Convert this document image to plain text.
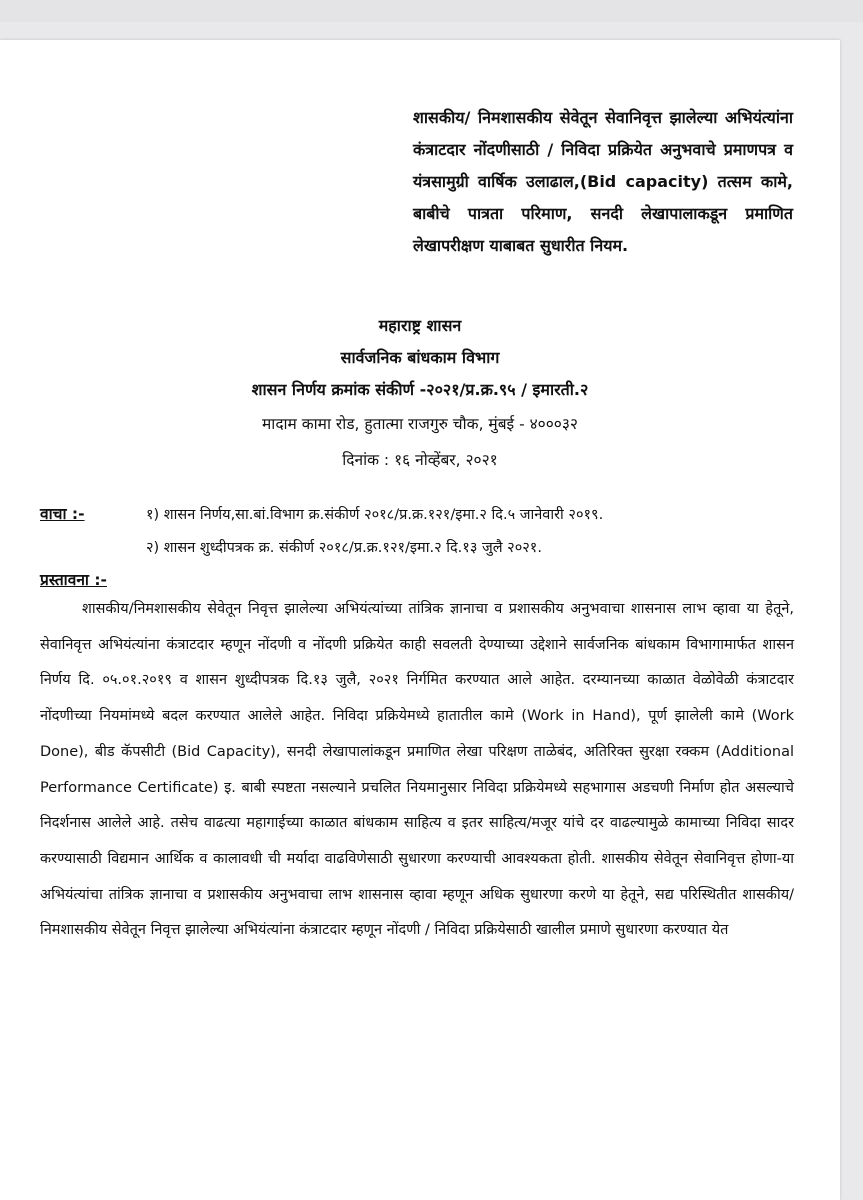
शासकीय/ निमशासकीय सेवेतून सेवानिवृत्त झालेल्या अभियंत्यांना कंत्राटदार नोंदणीसाठी / निविदा प्रक्रियेत अनुभवाचे प्रमाणपत्र व यंत्रसामुग्री वार्षिक उलाढाल,(Bid capacity) तत्सम कामे, बाबीचे पात्रता परिमाण, सनदी लेखापालाकडून प्रमाणित लेखापरीक्षण याबाबत सुधारीत नियम.
महाराष्ट्र शासन
सार्वजनिक बांधकाम विभाग
शासन निर्णय क्रमांक संकीर्ण -२०२१/प्र.क्र.९५ / इमारती.२
मादाम कामा रोड, हुतात्मा राजगुरु चौक, मुंबई - ४०००३२
दिनांक : १६ नोव्हेंबर, २०२१
वाचा :-	१) शासन निर्णय,सा.बां.विभाग क्र.संकीर्ण २०१८/प्र.क्र.१२१/इमा.२ दि.५ जानेवारी २०१९.
२) शासन शुध्दीपत्रक क्र. संकीर्ण २०१८/प्र.क्र.१२१/इमा.२ दि.१३ जुलै २०२१.
प्रस्तावना :-
शासकीय/निमशासकीय सेवेतून निवृत्त झालेल्या अभियंत्यांच्या तांत्रिक ज्ञानाचा व प्रशासकीय अनुभवाचा शासनास लाभ व्हावा या हेतूने, सेवानिवृत्त अभियंत्यांना कंत्राटदार म्हणून नोंदणी व नोंदणी प्रक्रियेत काही सवलती देण्याच्या उद्देशाने सार्वजनिक बांधकाम विभागामार्फत शासन निर्णय दि. ०५.०१.२०१९ व शासन शुध्दीपत्रक दि.१३ जुलै, २०२१ निर्गमित करण्यात आले आहेत. दरम्यानच्या काळात वेळोवेळी कंत्राटदार नोंदणीच्या नियमांमध्ये बदल करण्यात आलेले आहेत. निविदा प्रक्रियेमध्ये हातातील कामे (Work in Hand), पूर्ण झालेली कामे (Work Done), बीड कॅपसीटी (Bid Capacity), सनदी लेखापालांकडून प्रमाणित लेखा परिक्षण ताळेबंद, अतिरिक्त सुरक्षा रक्कम (Additional Performance Certificate) इ. बाबी स्पष्टता नसल्याने प्रचलित नियमानुसार निविदा प्रक्रियेमध्ये सहभागास अडचणी निर्माण होत असल्याचे निदर्शनास आलेले आहे. तसेच वाढत्या महागाईच्या काळात बांधकाम साहित्य व इतर साहित्य/मजूर यांचे दर वाढल्यामुळे कामाच्या निविदा सादर करण्यासाठी विद्यमान आर्थिक व कालावधी ची मर्यादा वाढविणेसाठी सुधारणा करण्याची आवश्यकता होती. शासकीय सेवेतून सेवानिवृत्त होणा-या अभियंत्यांचा तांत्रिक ज्ञानाचा व प्रशासकीय अनुभवाचा लाभ शासनास व्हावा म्हणून अधिक सुधारणा करणे या हेतूने, सद्य परिस्थितीत शासकीय/निमशासकीय सेवेतून निवृत्त झालेल्या अभियंत्यांना कंत्राटदार म्हणून नोंदणी / निविदा प्रक्रियेसाठी खालील प्रमाणे सुधारणा करण्यात येत
